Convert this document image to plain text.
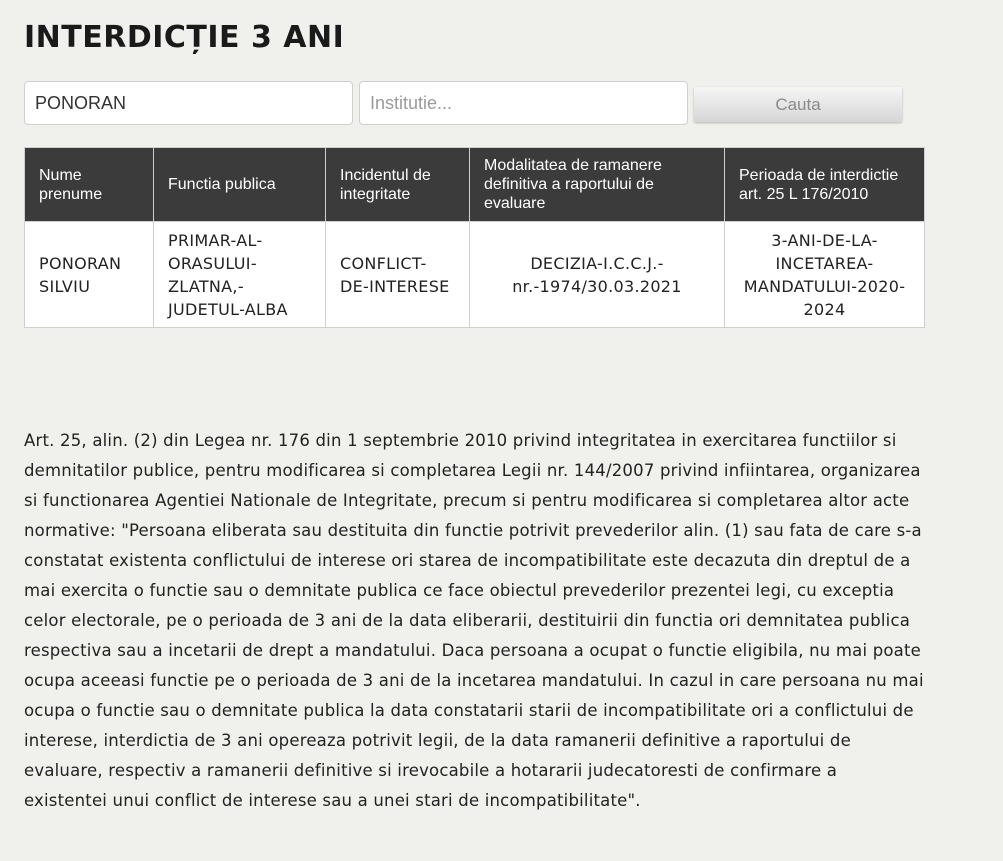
INTERDICȚIE 3 ANI
PONORAN
Institutie...
Cauta
Nume prenume	Functia publica	Incidentul de integritate	Modalitatea de ramanere definitiva a raportului de evaluare	Perioada de interdictie art. 25 L 176/2010
PONORAN SILVIU	PRIMAR-AL-ORASULUI-ZLATNA,-JUDETUL-ALBA	CONFLICT-DE-INTERESE	DECIZIA-I.C.C.J.-nr.-1974/30.03.2021	3-ANI-DE-LA-INCETAREA-MANDATULUI-2020-2024

Art. 25, alin. (2) din Legea nr. 176 din 1 septembrie 2010 privind integritatea in exercitarea functiilor si demnitatilor publice, pentru modificarea si completarea Legii nr. 144/2007 privind infiintarea, organizarea si functionarea Agentiei Nationale de Integritate, precum si pentru modificarea si completarea altor acte normative: "Persoana eliberata sau destituita din functie potrivit prevederilor alin. (1) sau fata de care s-a constatat existenta conflictului de interese ori starea de incompatibilitate este decazuta din dreptul de a mai exercita o functie sau o demnitate publica ce face obiectul prevederilor prezentei legi, cu exceptia celor electorale, pe o perioada de 3 ani de la data eliberarii, destituirii din functia ori demnitatea publica respectiva sau a incetarii de drept a mandatului. Daca persoana a ocupat o functie eligibila, nu mai poate ocupa aceeasi functie pe o perioada de 3 ani de la incetarea mandatului. In cazul in care persoana nu mai ocupa o functie sau o demnitate publica la data constatarii starii de incompatibilitate ori a conflictului de interese, interdictia de 3 ani opereaza potrivit legii, de la data ramanerii definitive a raportului de evaluare, respectiv a ramanerii definitive si irevocabile a hotararii judecatoresti de confirmare a existentei unui conflict de interese sau a unei stari de incompatibilitate".
